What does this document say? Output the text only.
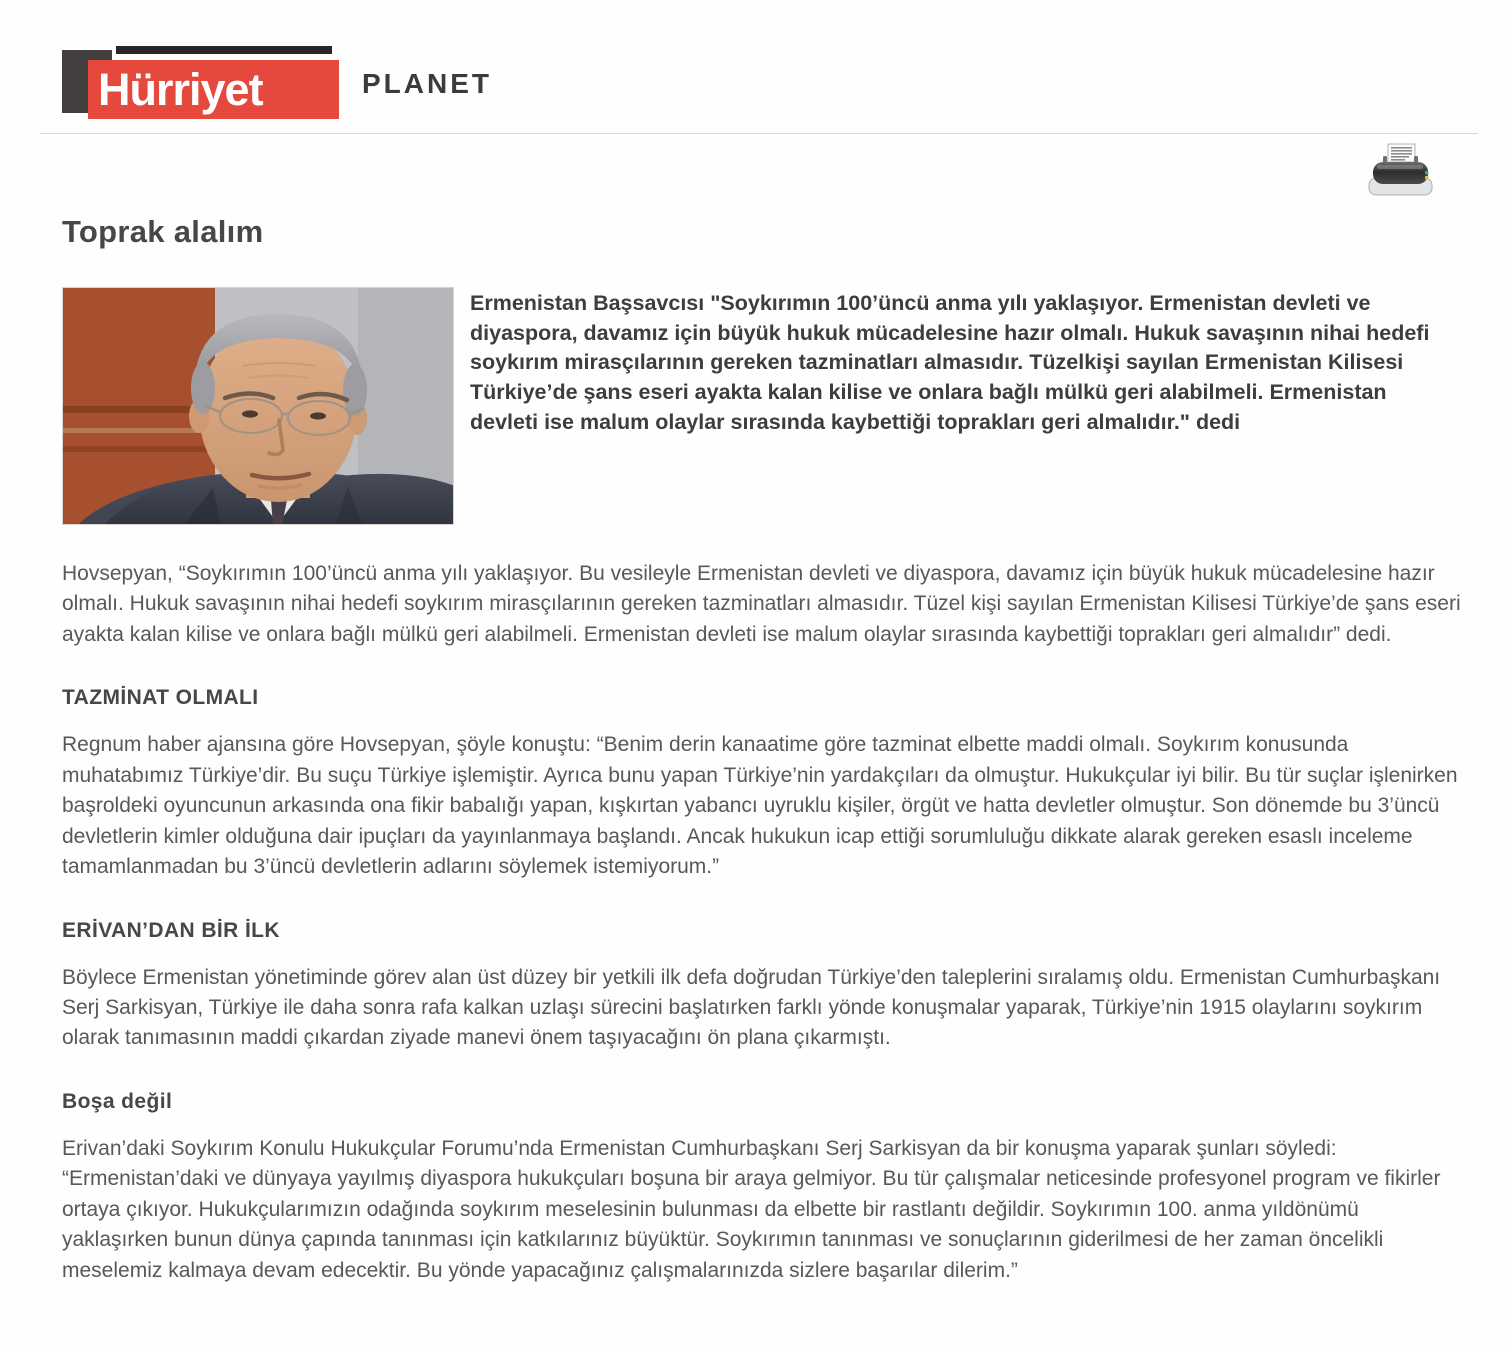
Hürriyet	PLANET
Toprak alalım

Ermenistan Başsavcısı "Soykırımın 100’üncü anma yılı yaklaşıyor. Ermenistan devleti ve diyaspora, davamız için büyük hukuk mücadelesine hazır olmalı. Hukuk savaşının nihai hedefi soykırım mirasçılarının gereken tazminatları almasıdır. Tüzelkişi sayılan Ermenistan Kilisesi Türkiye’de şans eseri ayakta kalan kilise ve onlara bağlı mülkü geri alabilmeli. Ermenistan devleti ise malum olaylar sırasında kaybettiği toprakları geri almalıdır." dedi

Hovsepyan, “Soykırımın 100’üncü anma yılı yaklaşıyor. Bu vesileyle Ermenistan devleti ve diyaspora, davamız için büyük hukuk mücadelesine hazır olmalı. Hukuk savaşının nihai hedefi soykırım mirasçılarının gereken tazminatları almasıdır. Tüzel kişi sayılan Ermenistan Kilisesi Türkiye’de şans eseri ayakta kalan kilise ve onlara bağlı mülkü geri alabilmeli. Ermenistan devleti ise malum olaylar sırasında kaybettiği toprakları geri almalıdır” dedi.

TAZMİNAT OLMALI

Regnum haber ajansına göre Hovsepyan, şöyle konuştu: “Benim derin kanaatime göre tazminat elbette maddi olmalı. Soykırım konusunda muhatabımız Türkiye’dir. Bu suçu Türkiye işlemiştir. Ayrıca bunu yapan Türkiye’nin yardakçıları da olmuştur. Hukukçular iyi bilir. Bu tür suçlar işlenirken başroldeki oyuncunun arkasında ona fikir babalığı yapan, kışkırtan yabancı uyruklu kişiler, örgüt ve hatta devletler olmuştur. Son dönemde bu 3’üncü devletlerin kimler olduğuna dair ipuçları da yayınlanmaya başlandı. Ancak hukukun icap ettiği sorumluluğu dikkate alarak gereken esaslı inceleme tamamlanmadan bu 3’üncü devletlerin adlarını söylemek istemiyorum.”

ERİVAN’DAN BİR İLK

Böylece Ermenistan yönetiminde görev alan üst düzey bir yetkili ilk defa doğrudan Türkiye’den taleplerini sıralamış oldu. Ermenistan Cumhurbaşkanı Serj Sarkisyan, Türkiye ile daha sonra rafa kalkan uzlaşı sürecini başlatırken farklı yönde konuşmalar yaparak, Türkiye’nin 1915 olaylarını soykırım olarak tanımasının maddi çıkardan ziyade manevi önem taşıyacağını ön plana çıkarmıştı.

Boşa değil

Erivan’daki Soykırım Konulu Hukukçular Forumu’nda Ermenistan Cumhurbaşkanı Serj Sarkisyan da bir konuşma yaparak şunları söyledi: “Ermenistan’daki ve dünyaya yayılmış diyaspora hukukçuları boşuna bir araya gelmiyor. Bu tür çalışmalar neticesinde profesyonel program ve fikirler ortaya çıkıyor. Hukukçularımızın odağında soykırım meselesinin bulunması da elbette bir rastlantı değildir. Soykırımın 100. anma yıldönümü yaklaşırken bunun dünya çapında tanınması için katkılarınız büyüktür. Soykırımın tanınması ve sonuçlarının giderilmesi de her zaman öncelikli meselemiz kalmaya devam edecektir. Bu yönde yapacağınız çalışmalarınızda sizlere başarılar dilerim.”
